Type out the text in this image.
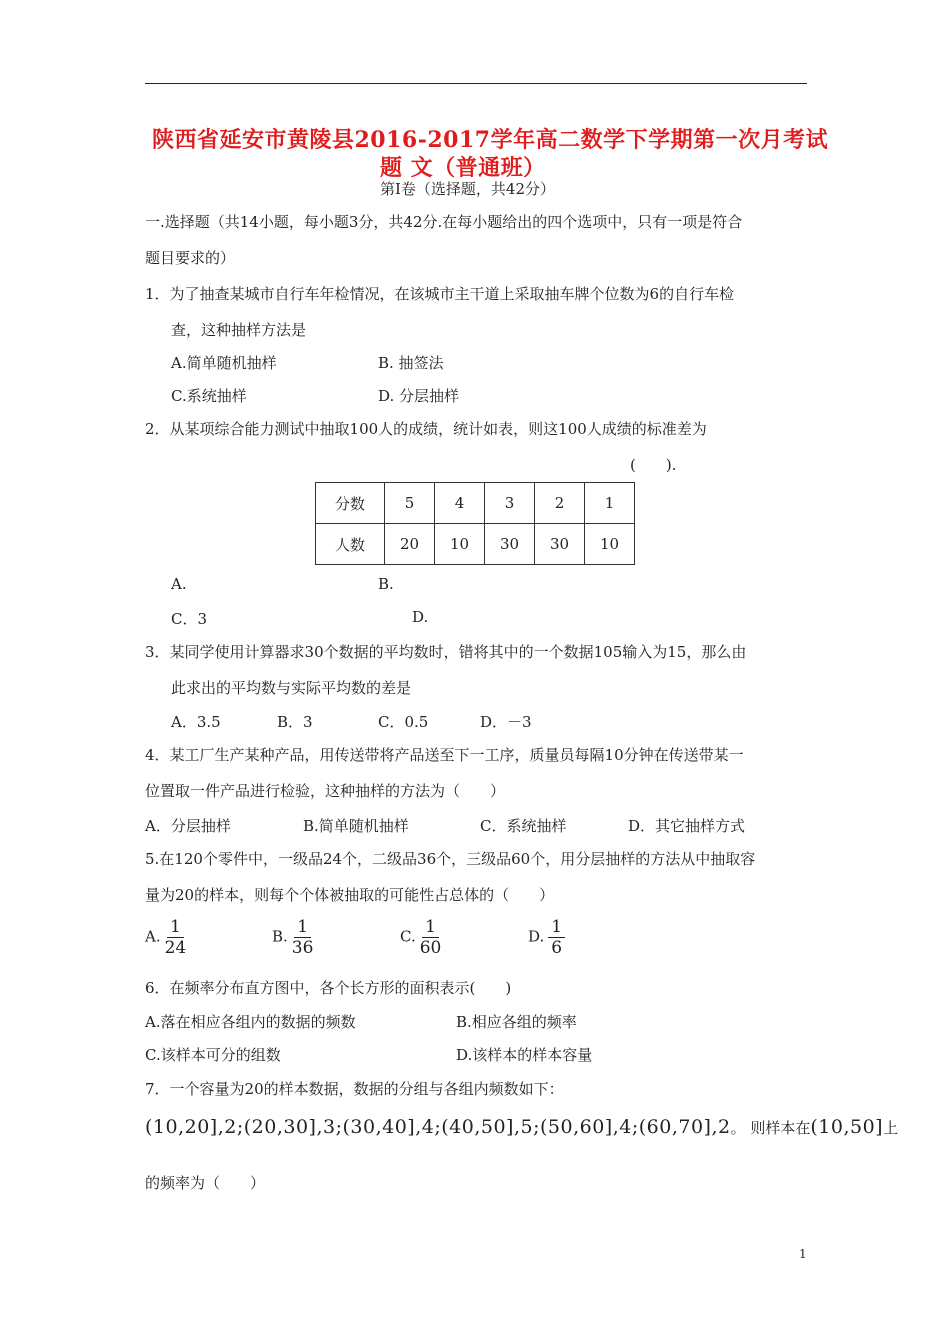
陕西省延安市黄陵县2016-2017学年高二数学下学期第一次月考试
题 文（普通班）
第Ⅰ卷（选择题，共42分）
一.选择题（共14小题，每小题3分，共42分.在每小题给出的四个选项中，只有一项是符合
题目要求的）
1．为了抽查某城市自行车年检情况，在该城市主干道上采取抽车牌个位数为6的自行车检
查，这种抽样方法是
A.简单随机抽样	B. 抽签法
C.系统抽样	D. 分层抽样
2．从某项综合能力测试中抽取100人的成绩，统计如表，则这100人成绩的标准差为
(　　).
分数	5	4	3	2	1
人数	20	10	30	30	10
A.	B.
C．3	D.
3．某同学使用计算器求30个数据的平均数时，错将其中的一个数据105输入为15，那么由
此求出的平均数与实际平均数的差是
A．3.5	B．3	C．0.5	D．－3
4．某工厂生产某种产品，用传送带将产品送至下一工序，质量员每隔10分钟在传送带某一
位置取一件产品进行检验，这种抽样的方法为（　　）
A．分层抽样	B.简单随机抽样	C．系统抽样	D．其它抽样方式
5.在120个零件中，一级品24个，二级品36个，三级品60个，用分层抽样的方法从中抽取容
量为20的样本，则每个个体被抽取的可能性占总体的（　　）
A. $\frac{1}{24}$	B. $\frac{1}{36}$	C. $\frac{1}{60}$	D. $\frac{1}{6}$
6．在频率分布直方图中，各个长方形的面积表示(　　)
A.落在相应各组内的数据的频数	B.相应各组的频率
C.该样本可分的组数	D.该样本的样本容量
7．一个容量为20的样本数据，数据的分组与各组内频数如下：
(10,20],2;(20,30],3;(30,40],4;(40,50],5;(50,60],4;(60,70],2。 则样本在(10,50]上
的频率为（　　）
1
